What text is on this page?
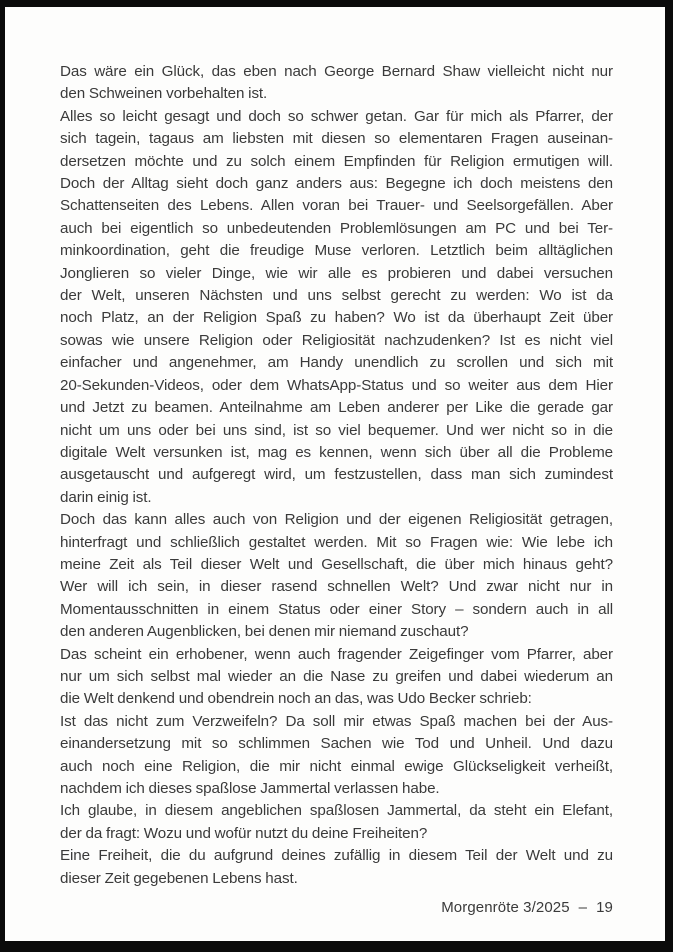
Das wäre ein Glück, das eben nach George Bernard Shaw vielleicht nicht nur
den Schweinen vorbehalten ist.
Alles so leicht gesagt und doch so schwer getan. Gar für mich als Pfarrer, der
sich tagein, tagaus am liebsten mit diesen so elementaren Fragen auseinan-
dersetzen möchte und zu solch einem Empfinden für Religion ermutigen will.
Doch der Alltag sieht doch ganz anders aus: Begegne ich doch meistens den
Schattenseiten des Lebens. Allen voran bei Trauer- und Seelsorgefällen. Aber
auch bei eigentlich so unbedeutenden Problemlösungen am PC und bei Ter-
minkoordination, geht die freudige Muse verloren. Letztlich beim alltäglichen
Jonglieren so vieler Dinge, wie wir alle es probieren und dabei versuchen
der Welt, unseren Nächsten und uns selbst gerecht zu werden: Wo ist da
noch Platz, an der Religion Spaß zu haben? Wo ist da überhaupt Zeit über
sowas wie unsere Religion oder Religiosität nachzudenken? Ist es nicht viel
einfacher und angenehmer, am Handy unendlich zu scrollen und sich mit
20-Sekunden-Videos, oder dem WhatsApp-Status und so weiter aus dem Hier
und Jetzt zu beamen. Anteilnahme am Leben anderer per Like die gerade gar
nicht um uns oder bei uns sind, ist so viel bequemer. Und wer nicht so in die
digitale Welt versunken ist, mag es kennen, wenn sich über all die Probleme
ausgetauscht und aufgeregt wird, um festzustellen, dass man sich zumindest
darin einig ist.
Doch das kann alles auch von Religion und der eigenen Religiosität getragen,
hinterfragt und schließlich gestaltet werden. Mit so Fragen wie: Wie lebe ich
meine Zeit als Teil dieser Welt und Gesellschaft, die über mich hinaus geht?
Wer will ich sein, in dieser rasend schnellen Welt? Und zwar nicht nur in
Momentausschnitten in einem Status oder einer Story – sondern auch in all
den anderen Augenblicken, bei denen mir niemand zuschaut?
Das scheint ein erhobener, wenn auch fragender Zeigefinger vom Pfarrer, aber
nur um sich selbst mal wieder an die Nase zu greifen und dabei wiederum an
die Welt denkend und obendrein noch an das, was Udo Becker schrieb:
Ist das nicht zum Verzweifeln? Da soll mir etwas Spaß machen bei der Aus-
einandersetzung mit so schlimmen Sachen wie Tod und Unheil. Und dazu
auch noch eine Religion, die mir nicht einmal ewige Glückseligkeit verheißt,
nachdem ich dieses spaßlose Jammertal verlassen habe.
Ich glaube, in diesem angeblichen spaßlosen Jammertal, da steht ein Elefant,
der da fragt: Wozu und wofür nutzt du deine Freiheiten?
Eine Freiheit, die du aufgrund deines zufällig in diesem Teil der Welt und zu
dieser Zeit gegebenen Lebens hast.
Morgenröte 3/2025 – 19
